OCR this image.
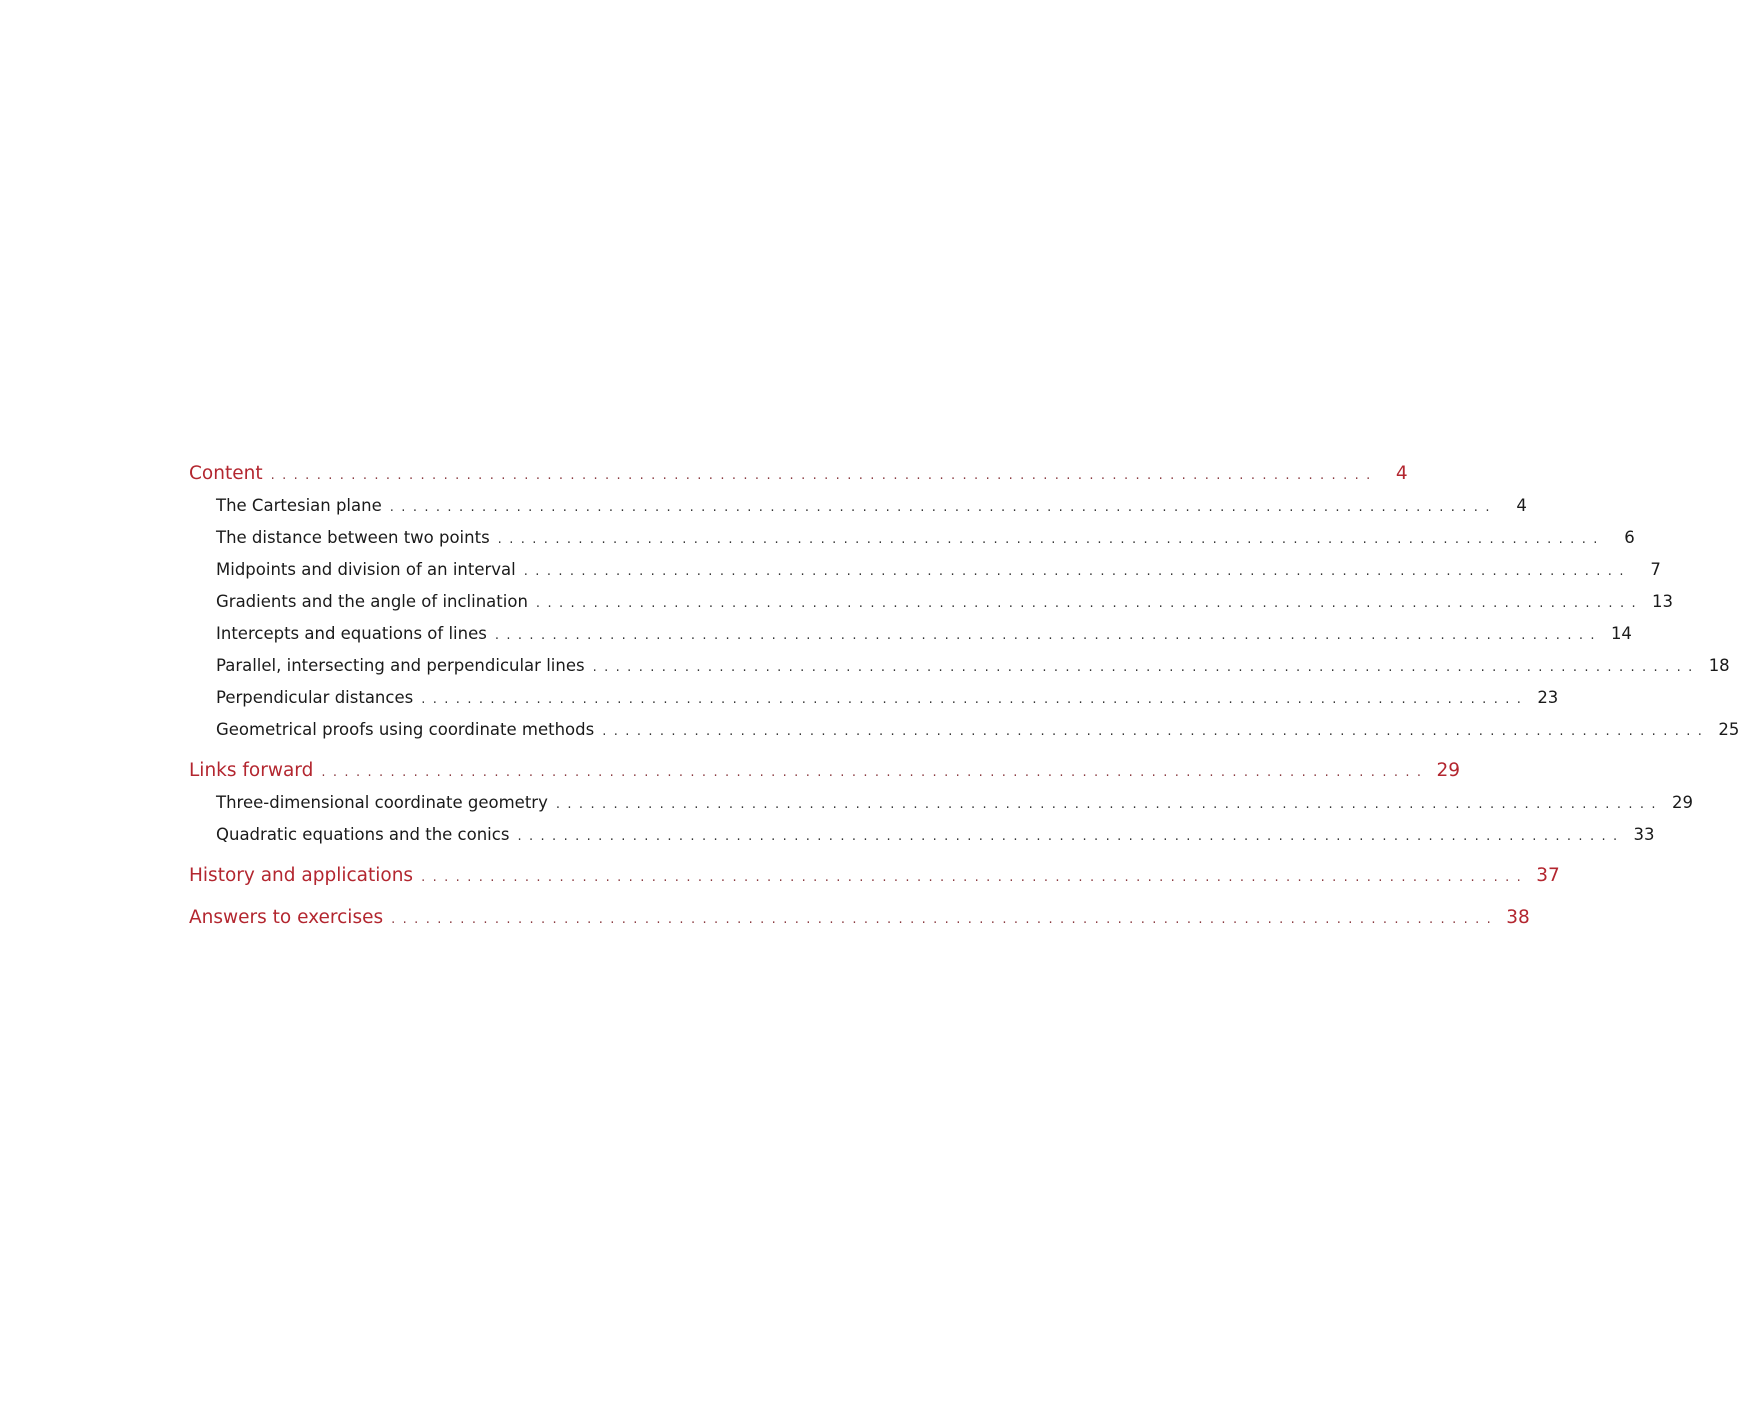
Content ................................................................................................ 4
The Cartesian plane ................................................................................................	4
The distance between two points ................................................................................................	6
Midpoints and division of an interval ................................................................................................	7
Gradients and the angle of inclination ................................................................................................ 13
Intercepts and equations of lines ................................................................................................ 14
Parallel, intersecting and perpendicular lines ................................................................................................ 18
Perpendicular distances ................................................................................................ 23
Geometrical proofs using coordinate methods ................................................................................................ 25
Links forward ................................................................................................ 29
Three-dimensional coordinate geometry ................................................................................................ 29
Quadratic equations and the conics ................................................................................................ 33
History and applications ................................................................................................ 37
Answers to exercises ................................................................................................ 38
